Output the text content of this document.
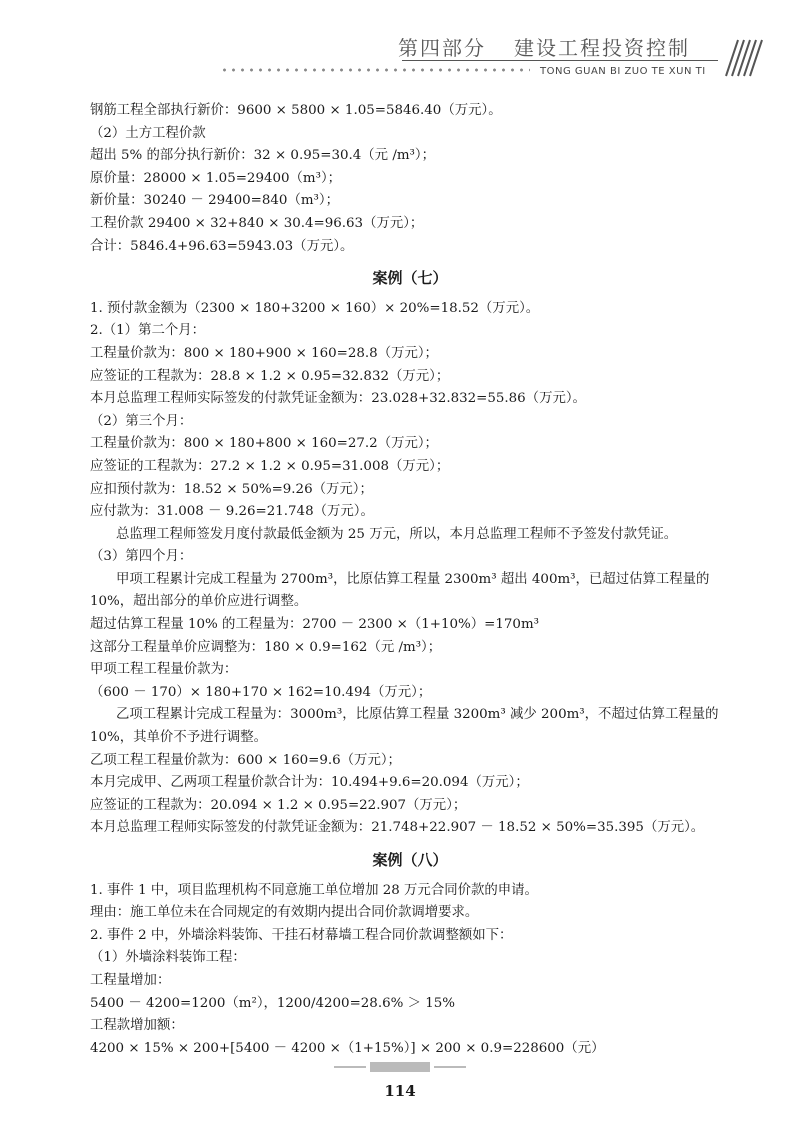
第四部分 建设工程投资控制
TONG GUAN BI ZUO TE XUN TI
钢筋工程全部执行新价：9600 × 5800 × 1.05=5846.40（万元）。
（2）土方工程价款
超出 5% 的部分执行新价：32 × 0.95=30.4（元 /m³）；
原价量：28000 × 1.05=29400（m³）；
新价量：30240 － 29400=840（m³）；
工程价款 29400 × 32+840 × 30.4=96.63（万元）；
合计：5846.4+96.63=5943.03（万元）。
案例（七）
1. 预付款金额为（2300 × 180+3200 × 160）× 20%=18.52（万元）。
2.（1）第二个月：
工程量价款为：800 × 180+900 × 160=28.8（万元）；
应签证的工程款为：28.8 × 1.2 × 0.95=32.832（万元）；
本月总监理工程师实际签发的付款凭证金额为：23.028+32.832=55.86（万元）。
（2）第三个月：
工程量价款为：800 × 180+800 × 160=27.2（万元）；
应签证的工程款为：27.2 × 1.2 × 0.95=31.008（万元）；
应扣预付款为：18.52 × 50%=9.26（万元）；
应付款为：31.008 － 9.26=21.748（万元）。
总监理工程师签发月度付款最低金额为 25 万元，所以，本月总监理工程师不予签发付款凭证。
（3）第四个月：
甲项工程累计完成工程量为 2700m³，比原估算工程量 2300m³ 超出 400m³，已超过估算工程量的 10%，超出部分的单价应进行调整。
超过估算工程量 10% 的工程量为：2700 － 2300 ×（1+10%）=170m³
这部分工程量单价应调整为：180 × 0.9=162（元 /m³）；
甲项工程工程量价款为：
（600 － 170）× 180+170 × 162=10.494（万元）；
乙项工程累计完成工程量为：3000m³，比原估算工程量 3200m³ 减少 200m³，不超过估算工程量的 10%，其单价不予进行调整。
乙项工程工程量价款为：600 × 160=9.6（万元）；
本月完成甲、乙两项工程量价款合计为：10.494+9.6=20.094（万元）；
应签证的工程款为：20.094 × 1.2 × 0.95=22.907（万元）；
本月总监理工程师实际签发的付款凭证金额为：21.748+22.907 － 18.52 × 50%=35.395（万元）。
案例（八）
1. 事件 1 中，项目监理机构不同意施工单位增加 28 万元合同价款的申请。
理由：施工单位未在合同规定的有效期内提出合同价款调增要求。
2. 事件 2 中，外墙涂料装饰、干挂石材幕墙工程合同价款调整额如下：
（1）外墙涂料装饰工程：
工程量增加：
5400 － 4200=1200（m²），1200/4200=28.6% ＞ 15%
工程款增加额：
4200 × 15% × 200+[5400 － 4200 ×（1+15%）] × 200 × 0.9=228600（元）
114
